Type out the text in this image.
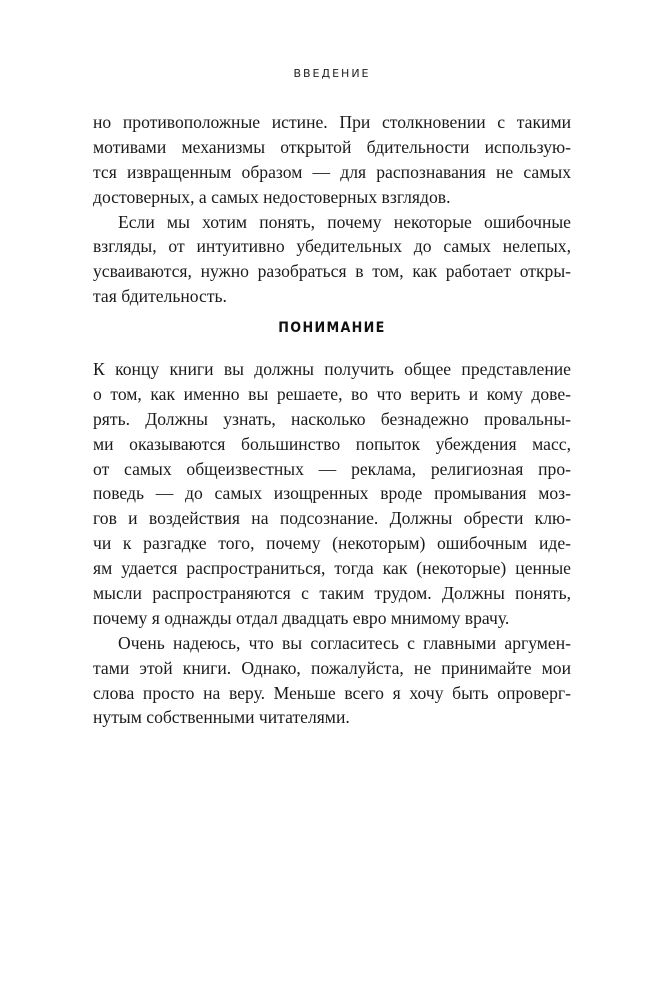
ВВЕДЕНИЕ
но противоположные истине. При столкновении с такими
мотивами механизмы открытой бдительности использую-
тся извращенным образом — для распознавания не самых
достоверных, а самых недостоверных взглядов.
Если мы хотим понять, почему некоторые ошибочные
взгляды, от интуитивно убедительных до самых нелепых,
усваиваются, нужно разобраться в том, как работает откры-
тая бдительность.
ПОНИМАНИЕ
К концу книги вы должны получить общее представление
о том, как именно вы решаете, во что верить и кому дове-
рять. Должны узнать, насколько безнадежно провальны-
ми оказываются большинство попыток убеждения масс,
от самых общеизвестных — реклама, религиозная про-
поведь — до самых изощренных вроде промывания моз-
гов и воздействия на подсознание. Должны обрести клю-
чи к разгадке того, почему (некоторым) ошибочным иде-
ям удается распространиться, тогда как (некоторые) ценные
мысли распространяются с таким трудом. Должны понять,
почему я однажды отдал двадцать евро мнимому врачу.
Очень надеюсь, что вы согласитесь с главными аргумен-
тами этой книги. Однако, пожалуйста, не принимайте мои
слова просто на веру. Меньше всего я хочу быть опроверг-
нутым собственными читателями.
